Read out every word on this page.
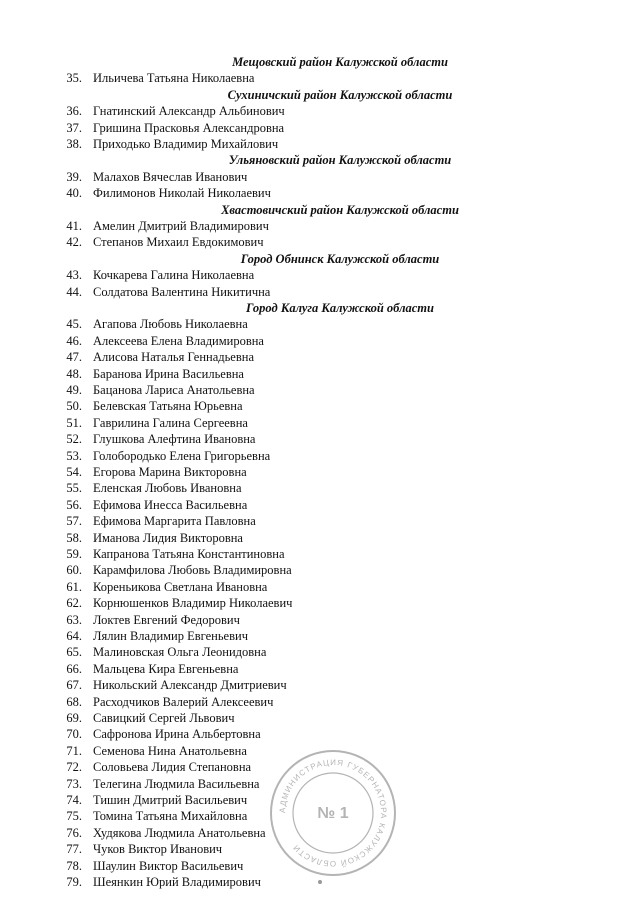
Мещовский район Калужской области
35. Ильичева Татьяна Николаевна
Сухиничский район Калужской области
36. Гнатинский Александр Альбинович
37. Гришина Прасковья Александровна
38. Приходько Владимир Михайлович
Ульяновский район Калужской области
39. Малахов Вячеслав Иванович
40. Филимонов Николай Николаевич
Хвастовичский район Калужской области
41. Амелин Дмитрий Владимирович
42. Степанов Михаил Евдокимович
Город Обнинск Калужской области
43. Кочкарева Галина Николаевна
44. Солдатова Валентина Никитична
Город Калуга Калужской области
45. Агапова Любовь Николаевна
46. Алексеева Елена Владимировна
47. Алисова Наталья Геннадьевна
48. Баранова Ирина Васильевна
49. Бацанова Лариса Анатольевна
50. Белевская Татьяна Юрьевна
51. Гаврилина Галина Сергеевна
52. Глушкова Алефтина Ивановна
53. Голобородько Елена Григорьевна
54. Егорова Марина Викторовна
55. Еленская Любовь Ивановна
56. Ефимова Инесса Васильевна
57. Ефимова Маргарита Павловна
58. Иманова Лидия Викторовна
59. Капранова Татьяна Константиновна
60. Карамфилова Любовь Владимировна
61. Кореньикова Светлана Ивановна
62. Корнюшенков Владимир Николаевич
63. Локтев Евгений Федорович
64. Лялин Владимир Евгеньевич
65. Малиновская Ольга Леонидовна
66. Мальцева Кира Евгеньевна
67. Никольский Александр Дмитриевич
68. Расходчиков Валерий Алексеевич
69. Савицкий Сергей Львович
70. Сафронова Ирина Альбертовна
71. Семенова Нина Анатольевна
72. Соловьева Лидия Степановна
73. Телегина Людмила Васильевна
74. Тишин Дмитрий Васильевич
75. Томина Татьяна Михайловна
76. Худякова Людмила Анатольевна
77. Чуков Виктор Иванович
78. Шаулин Виктор Васильевич
79. Шеянкин Юрий Владимирович
АДМИНИСТРАЦИЯ ГУБЕРНАТОРА КАЛУЖСКОЙ ОБЛАСТИ
№ 1
